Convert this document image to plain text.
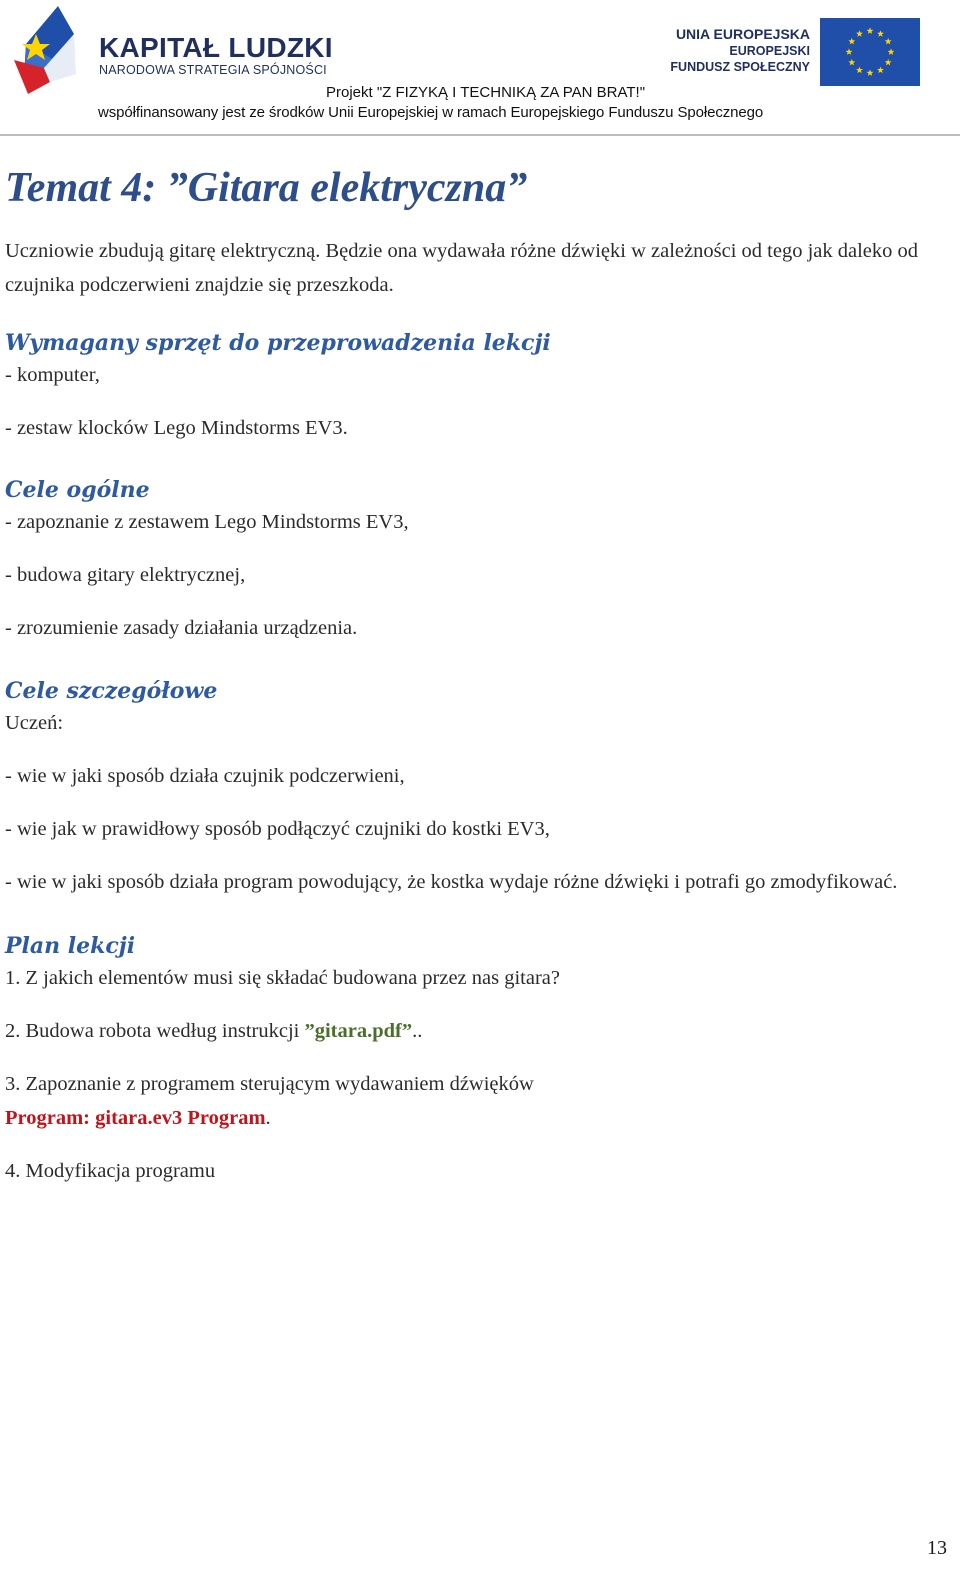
KAPITAŁ LUDZKI
NARODOWA STRATEGIA SPÓJNOŚCI
UNIA EUROPEJSKA
EUROPEJSKI
FUNDUSZ SPOŁECZNY
Projekt "Z FIZYKĄ I TECHNIKĄ ZA PAN BRAT!"
współfinansowany jest ze środków Unii Europejskiej w ramach Europejskiego Funduszu Społecznego
Temat 4: ”Gitara elektryczna”

Uczniowie zbudują gitarę elektryczną. Będzie ona wydawała różne dźwięki w zależności od tego jak daleko od czujnika podczerwieni znajdzie się przeszkoda.

Wymagany sprzęt do przeprowadzenia lekcji

- komputer,

- zestaw klocków Lego Mindstorms EV3.

Cele ogólne

- zapoznanie z zestawem Lego Mindstorms EV3,

- budowa gitary elektrycznej,

- zrozumienie zasady działania urządzenia.

Cele szczegółowe

Uczeń:

- wie w jaki sposób działa czujnik podczerwieni,

- wie jak w prawidłowy sposób podłączyć czujniki do kostki EV3,

- wie w jaki sposób działa program powodujący, że kostka wydaje różne dźwięki i potrafi go zmodyfikować.

Plan lekcji

1. Z jakich elementów musi się składać budowana przez nas gitara?

2. Budowa robota według instrukcji ”gitara.pdf”..

3. Zapoznanie z programem sterującym wydawaniem dźwięków

Program: gitara.ev3 Program.

4. Modyfikacja programu

13
